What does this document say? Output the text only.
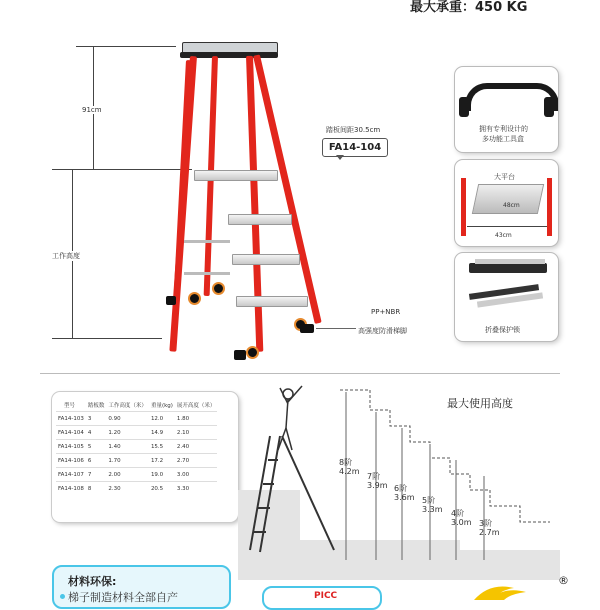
最大承重：450 KG
91cm
工作高度
踏板间距30.5cm
FA14-104
PP+NBR
高强度防滑梯脚
拥有专利设计的
多功能工具盒
大平台
48cm
43cm
折叠保护锁
型号	踏板数	工作高度（米）	重量(kg)	展开高度（米）
FA14-103	3	0.90	12.0	1.80
FA14-104	4	1.20	14.9	2.10
FA14-105	5	1.40	15.5	2.40
FA14-106	6	1.70	17.2	2.70
FA14-107	7	2.00	19.0	3.00
FA14-108	8	2.30	20.5	3.30
最大使用高度
8阶
4.2m
7阶
3.9m 6阶
3.6m 5阶
3.3m 4阶
3.0m 3阶
2.7m
材料环保:
梯子制造材料全部自产	PICC
®
